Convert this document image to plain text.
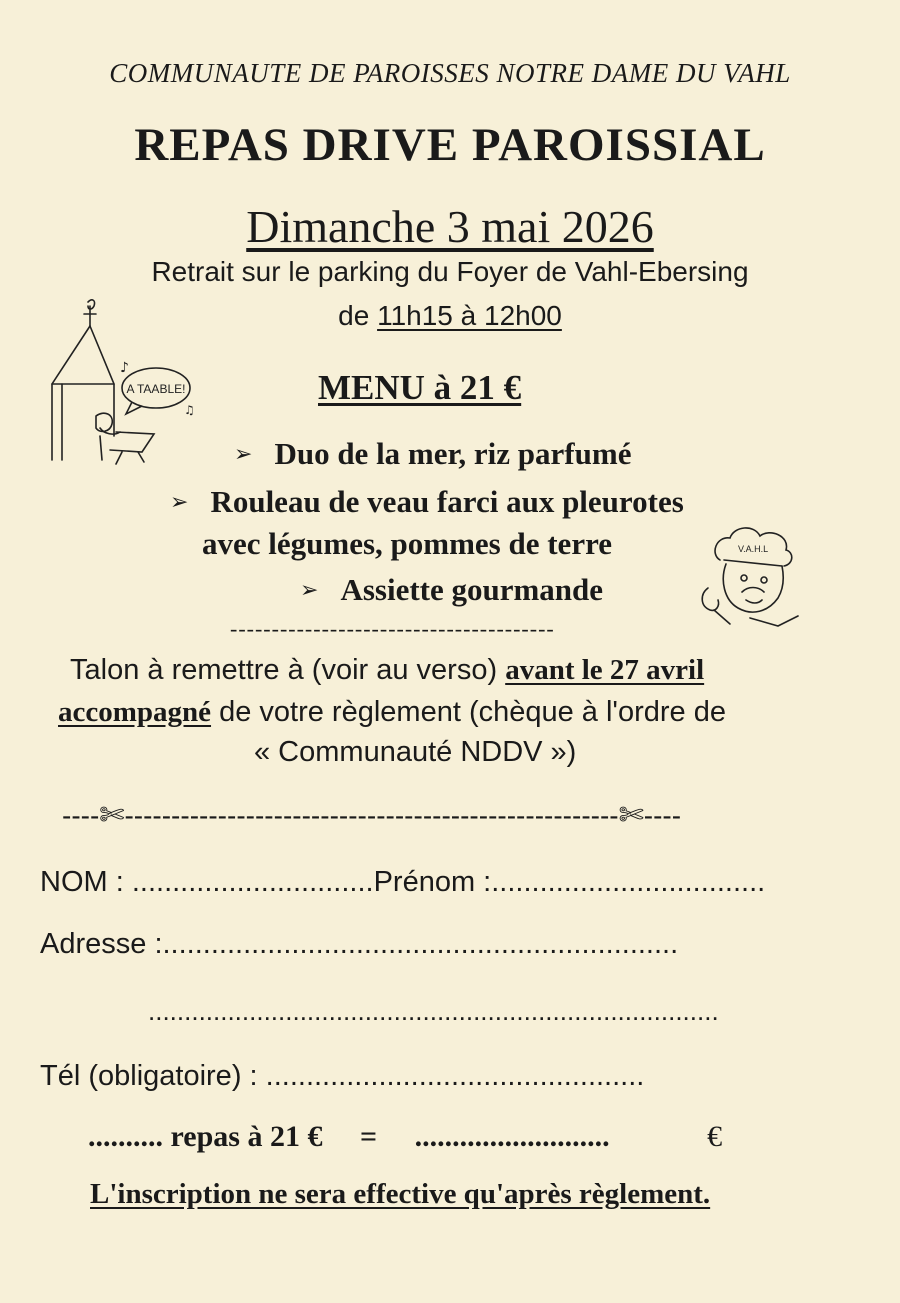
COMMUNAUTE DE PAROISSES NOTRE DAME DU VAHL
REPAS DRIVE PAROISSIAL
Dimanche 3 mai 2026
Retrait sur le parking du Foyer de Vahl-Ebersing
de 11h15 à 12h00
A TAABLE!
♪
♫
MENU à 21 €
➢ Duo de la mer, riz parfumé
➢ Rouleau de veau farci aux pleurotes
avec légumes, pommes de terre
➢ Assiette gourmande
V.A.H.L
---------------------------------------
Talon à remettre à (voir au verso) avant le 27 avril
accompagné de votre règlement (chèque à l'ordre de
« Communauté NDDV »)
----✄-----------------------------------------------------✄----
NOM : ..............................Prénom :..................................
Adresse :................................................................
...............................................................................
Tél (obligatoire) : ...............................................
.......... repas à 21 € = ..........................	€
L'inscription ne sera effective qu'après règlement.
